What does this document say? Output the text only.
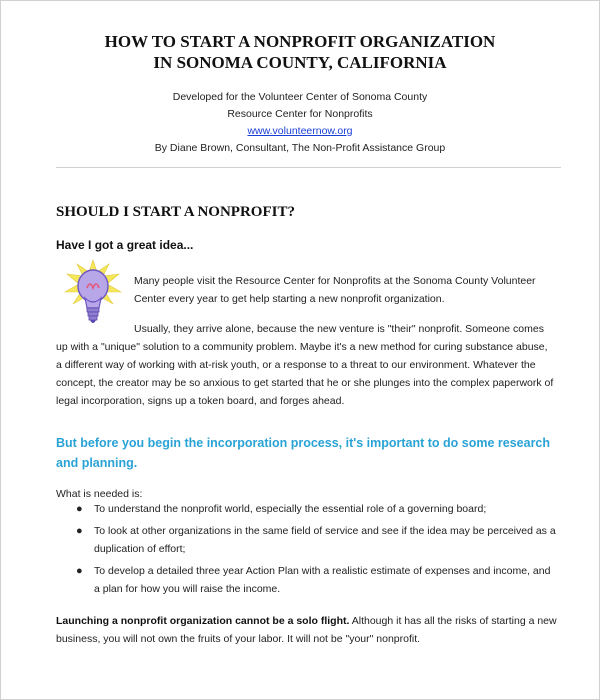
HOW TO START A NONPROFIT ORGANIZATION
IN SONOMA COUNTY, CALIFORNIA
Developed for the Volunteer Center of Sonoma County
Resource Center for Nonprofits
www.volunteernow.org
By Diane Brown, Consultant, The Non-Profit Assistance Group
SHOULD I START A NONPROFIT?
Have I got a great idea...
Many people visit the Resource Center for Nonprofits at the Sonoma County Volunteer Center every year to get help starting a new nonprofit organization.
Usually, they arrive alone, because the new venture is "their" nonprofit. Someone comes up with a "unique" solution to a community problem. Maybe it's a new method for curing substance abuse, a different way of working with at-risk youth, or a response to a threat to our environment. Whatever the concept, the creator may be so anxious to get started that he or she plunges into the complex paperwork of legal incorporation, signs up a token board, and forges ahead.
But before you begin the incorporation process, it's important to do some research and planning.
What is needed is:
● To understand the nonprofit world, especially the essential role of a governing board;
● To look at other organizations in the same field of service and see if the idea may be perceived as a duplication of effort;
● To develop a detailed three year Action Plan with a realistic estimate of expenses and income, and a plan for how you will raise the income.
Launching a nonprofit organization cannot be a solo flight. Although it has all the risks of starting a new business, you will not own the fruits of your labor. It will not be "your" nonprofit.
